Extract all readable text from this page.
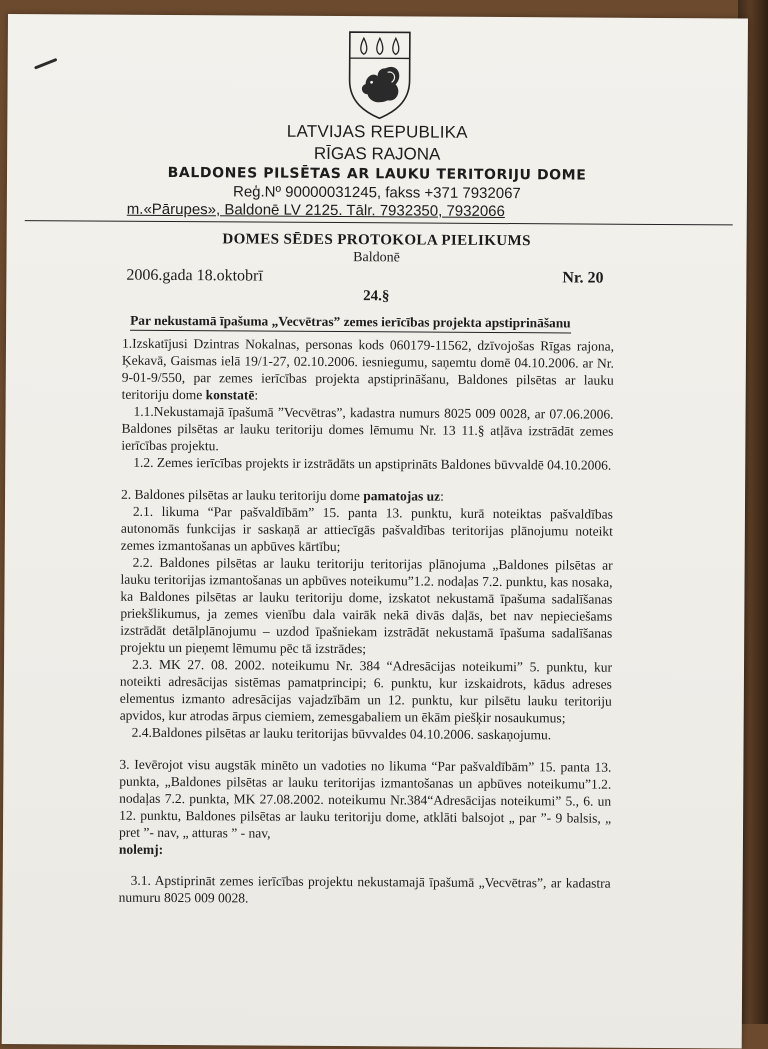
LATVIJAS REPUBLIKA
RĪGAS RAJONA
BALDONES PILSĒTAS AR LAUKU TERITORIJU DOME
Reģ.Nº 90000031245, fakss +371 7932067
m.«Pārupes», Baldonē LV 2125. Tālr. 7932350, 7932066
DOMES SĒDES PROTOKOLA PIELIKUMS
Baldonē
2006.gada 18.oktobrī	Nr. 20
24.§
Par nekustamā īpašuma „Vecvētras” zemes ierīcības projekta apstiprināšanu

1.Izskatījusi Dzintras Nokalnas, personas kods 060179-11562, dzīvojošas Rīgas rajona, Ķekavā, Gaismas ielā 19/1-27, 02.10.2006. iesniegumu, saņemtu domē 04.10.2006. ar Nr. 9-01-9/550, par zemes ierīcības projekta apstiprināšanu, Baldones pilsētas ar lauku teritoriju dome konstatē:

1.1.Nekustamajā īpašumā ”Vecvētras”, kadastra numurs 8025 009 0028, ar 07.06.2006. Baldones pilsētas ar lauku teritoriju domes lēmumu Nr. 13 11.§ atļāva izstrādāt zemes ierīcības projektu.

1.2. Zemes ierīcības projekts ir izstrādāts un apstiprināts Baldones būvvaldē 04.10.2006.

2. Baldones pilsētas ar lauku teritoriju dome pamatojas uz:

2.1. likuma “Par pašvaldībām” 15. panta 13. punktu, kurā noteiktas pašvaldības autonomās funkcijas ir saskaņā ar attiecīgās pašvaldības teritorijas plānojumu noteikt zemes izmantošanas un apbūves kārtību;

2.2. Baldones pilsētas ar lauku teritoriju teritorijas plānojuma „Baldones pilsētas ar lauku teritorijas izmantošanas un apbūves noteikumu”1.2. nodaļas 7.2. punktu, kas nosaka, ka Baldones pilsētas ar lauku teritoriju dome, izskatot nekustamā īpašuma sadalīšanas priekšlikumus, ja zemes vienību dala vairāk nekā divās daļās, bet nav nepieciešams izstrādāt detālplānojumu – uzdod īpašniekam izstrādāt nekustamā īpašuma sadalīšanas projektu un pieņemt lēmumu pēc tā izstrādes;

2.3. MK 27. 08. 2002. noteikumu Nr. 384 “Adresācijas noteikumi” 5. punktu, kur noteikti adresācijas sistēmas pamatprincipi; 6. punktu, kur izskaidrots, kādus adreses elementus izmanto adresācijas vajadzībām un 12. punktu, kur pilsētu lauku teritoriju apvidos, kur atrodas ārpus ciemiem, zemesgabaliem un ēkām piešķir nosaukumus;

2.4.Baldones pilsētas ar lauku teritorijas būvvaldes 04.10.2006. saskaņojumu.

3. Ievērojot visu augstāk minēto un vadoties no likuma “Par pašvaldībām” 15. panta 13. punkta, „Baldones pilsētas ar lauku teritorijas izmantošanas un apbūves noteikumu”1.2. nodaļas 7.2. punkta, MK 27.08.2002. noteikumu Nr.384“Adresācijas noteikumi” 5., 6. un 12. punktu, Baldones pilsētas ar lauku teritoriju dome, atklāti balsojot „ par ”- 9 balsis, „ pret ”- nav, „ atturas ” - nav,

nolemj:

3.1. Apstiprināt zemes ierīcības projektu nekustamajā īpašumā „Vecvētras”, ar kadastra numuru 8025 009 0028.
